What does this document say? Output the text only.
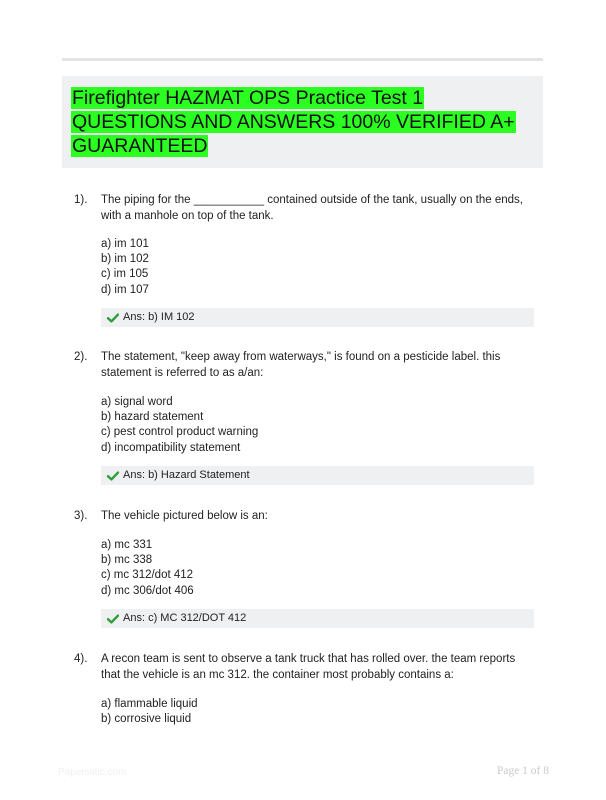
Firefighter HAZMAT OPS Practice Test 1 QUESTIONS AND ANSWERS 100% VERIFIED A+ GUARANTEED
1). The piping for the ___________ contained outside of the tank, usually on the ends, with a manhole on top of the tank.
a) im 101
b) im 102
c) im 105
d) im 107
Ans: b) IM 102
2). The statement, "keep away from waterways," is found on a pesticide label. this statement is referred to as a/an:
a) signal word
b) hazard statement
c) pest control product warning
d) incompatibility statement
Ans: b) Hazard Statement
3). The vehicle pictured below is an:
a) mc 331
b) mc 338
c) mc 312/dot 412
d) mc 306/dot 406
Ans: c) MC 312/DOT 412
4). A recon team is sent to observe a tank truck that has rolled over. the team reports that the vehicle is an mc 312. the container most probably contains a:
a) flammable liquid
b) corrosive liquid
Paperstitic.com	Page 1 of 8
